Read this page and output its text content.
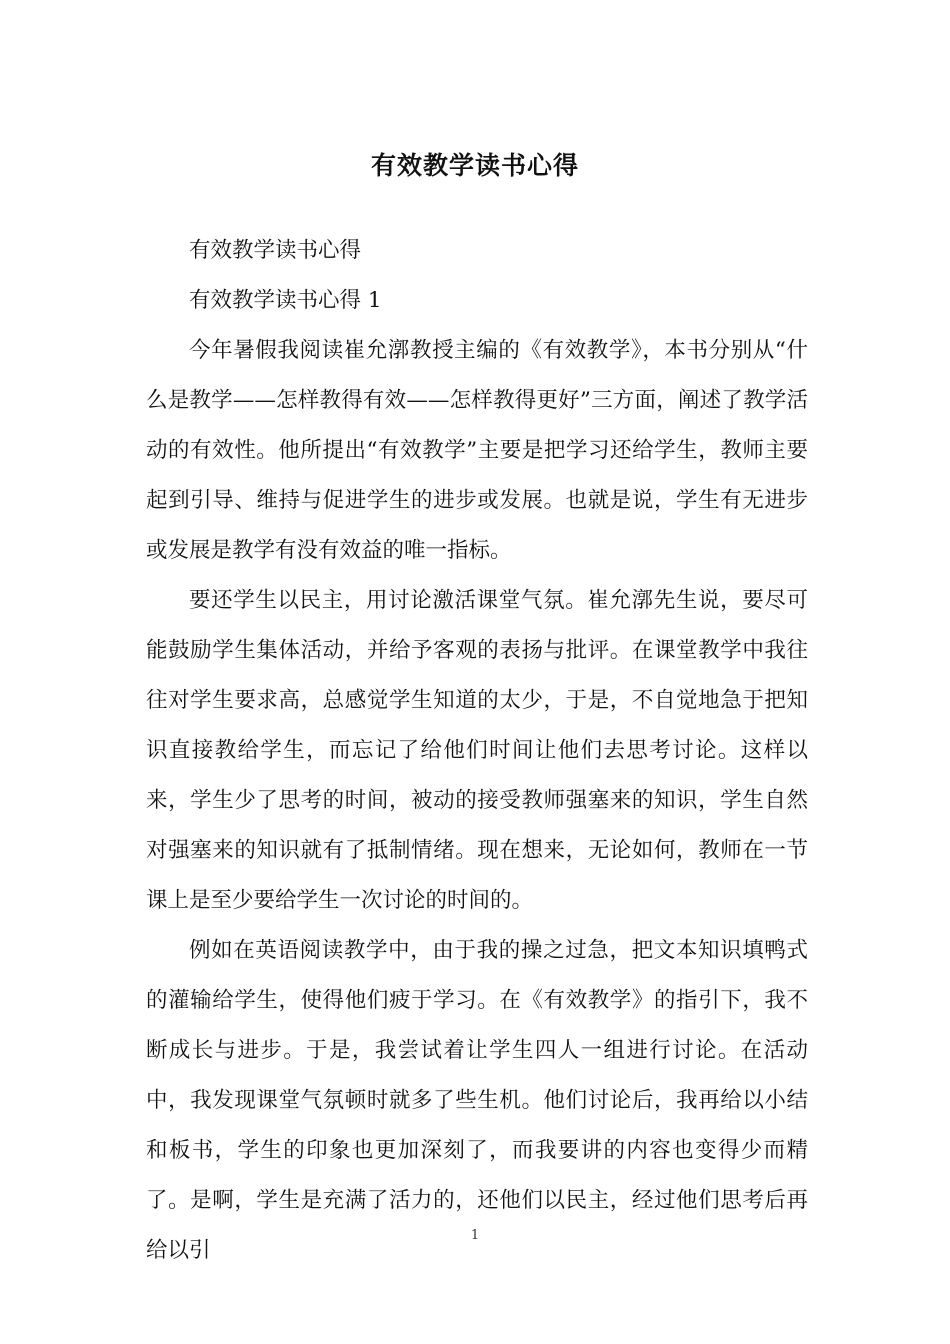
有效教学读书心得

有效教学读书心得

有效教学读书心得 1

今年暑假我阅读崔允漷教授主编的《有效教学》，本书分别从“什么是教学——怎样教得有效——怎样教得更好”三方面，阐述了教学活动的有效性。他所提出“有效教学”主要是把学习还给学生，教师主要起到引导、维持与促进学生的进步或发展。也就是说，学生有无进步或发展是教学有没有效益的唯一指标。

要还学生以民主，用讨论激活课堂气氛。崔允漷先生说，要尽可能鼓励学生集体活动，并给予客观的表扬与批评。在课堂教学中我往往对学生要求高，总感觉学生知道的太少，于是，不自觉地急于把知识直接教给学生，而忘记了给他们时间让他们去思考讨论。这样以来，学生少了思考的时间，被动的接受教师强塞来的知识，学生自然对强塞来的知识就有了抵制情绪。现在想来，无论如何，教师在一节课上是至少要给学生一次讨论的时间的。

例如在英语阅读教学中，由于我的操之过急，把文本知识填鸭式的灌输给学生，使得他们疲于学习。在《有效教学》的指引下，我不断成长与进步。于是，我尝试着让学生四人一组进行讨论。在活动中，我发现课堂气氛顿时就多了些生机。他们讨论后，我再给以小结和板书，学生的印象也更加深刻了，而我要讲的内容也变得少而精了。是啊，学生是充满了活力的，还他们以民主，经过他们思考后再给以引

1
